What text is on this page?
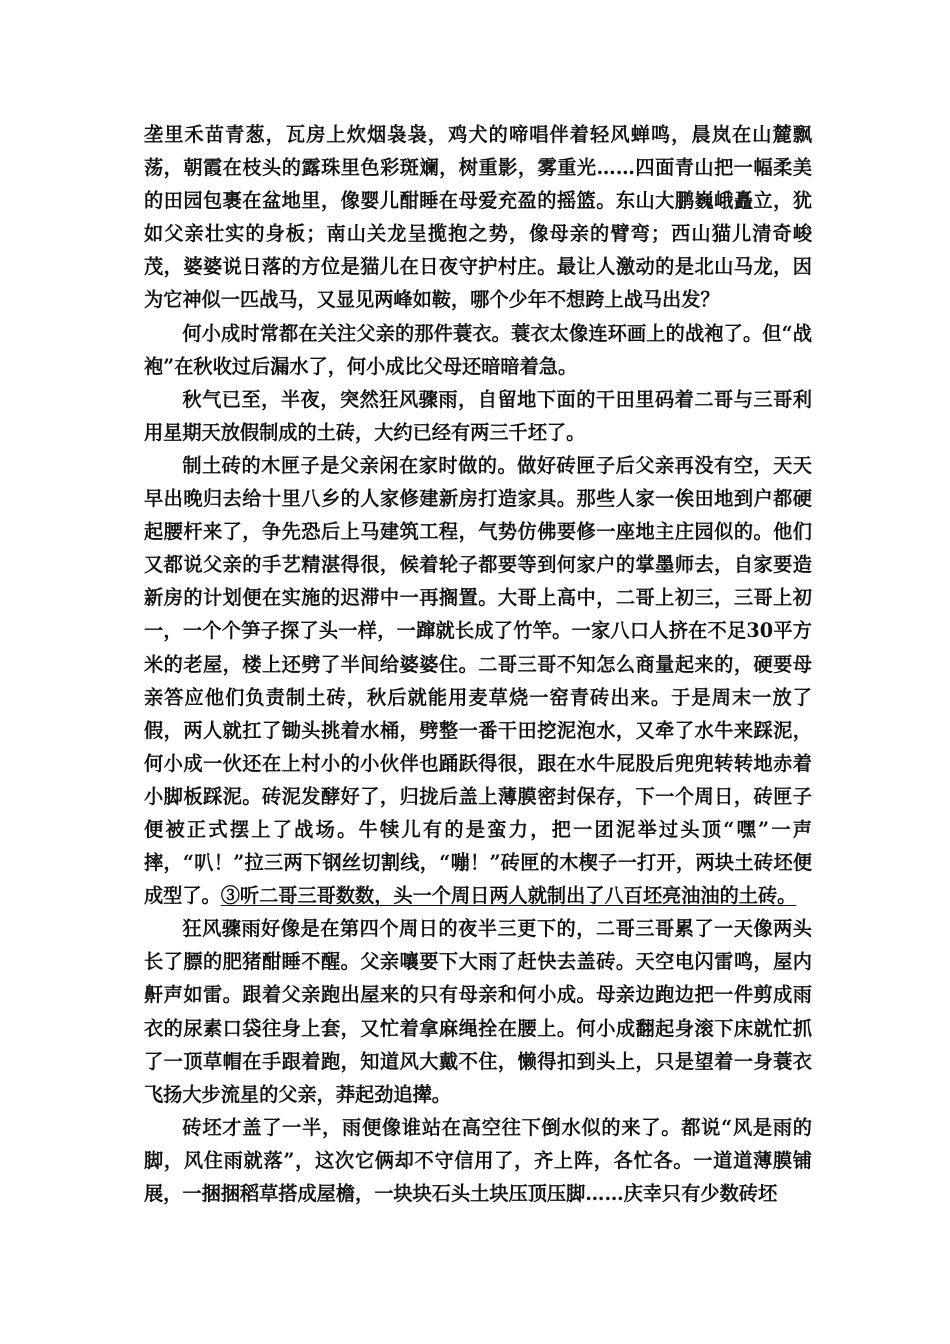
垄里禾苗青葱，瓦房上炊烟袅袅，鸡犬的啼唱伴着轻风蝉鸣，晨岚在山麓飘荡，朝霞在枝头的露珠里色彩斑斓，树重影，雾重光……四面青山把一幅柔美的田园包裹在盆地里，像婴儿酣睡在母爱充盈的摇篮。东山大鹏巍峨矗立，犹如父亲壮实的身板；南山关龙呈揽抱之势，像母亲的臂弯；西山猫儿清奇峻茂，婆婆说日落的方位是猫儿在日夜守护村庄。最让人激动的是北山马龙，因为它神似一匹战马，又显见两峰如鞍，哪个少年不想跨上战马出发？

何小成时常都在关注父亲的那件蓑衣。蓑衣太像连环画上的战袍了。但“战袍”在秋收过后漏水了，何小成比父母还暗暗着急。

秋气已至，半夜，突然狂风骤雨，自留地下面的干田里码着二哥与三哥利用星期天放假制成的土砖，大约已经有两三千坯了。

制土砖的木匣子是父亲闲在家时做的。做好砖匣子后父亲再没有空，天天早出晚归去给十里八乡的人家修建新房打造家具。那些人家一俟田地到户都硬起腰杆来了，争先恐后上马建筑工程，气势仿佛要修一座地主庄园似的。他们又都说父亲的手艺精湛得很，候着轮子都要等到何家户的掌墨师去，自家要造新房的计划便在实施的迟滞中一再搁置。大哥上高中，二哥上初三，三哥上初一，一个个笋子探了头一样，一蹿就长成了竹竿。一家八口人挤在不足30平方米的老屋，楼上还劈了半间给婆婆住。二哥三哥不知怎么商量起来的，硬要母亲答应他们负责制土砖，秋后就能用麦草烧一窑青砖出来。于是周末一放了假，两人就扛了锄头挑着水桶，劈整一番干田挖泥泡水，又牵了水牛来踩泥，何小成一伙还在上村小的小伙伴也踊跃得很，跟在水牛屁股后兜兜转转地赤着小脚板踩泥。砖泥发酵好了，归拢后盖上薄膜密封保存，下一个周日，砖匣子便被正式摆上了战场。牛犊儿有的是蛮力，把一团泥举过头顶“嘿”一声摔，“叭！”拉三两下钢丝切割线，“嘣！”砖匣的木楔子一打开，两块土砖坯便成型了。③听二哥三哥数数，头一个周日两人就制出了八百坯亮油油的土砖。

狂风骤雨好像是在第四个周日的夜半三更下的，二哥三哥累了一天像两头长了膘的肥猪酣睡不醒。父亲嚷要下大雨了赶快去盖砖。天空电闪雷鸣，屋内鼾声如雷。跟着父亲跑出屋来的只有母亲和何小成。母亲边跑边把一件剪成雨衣的尿素口袋往身上套，又忙着拿麻绳拴在腰上。何小成翻起身滚下床就忙抓了一顶草帽在手跟着跑，知道风大戴不住，懒得扣到头上，只是望着一身蓑衣飞扬大步流星的父亲，莽起劲追撵。

砖坯才盖了一半，雨便像谁站在高空往下倒水似的来了。都说“风是雨的脚，风住雨就落”，这次它俩却不守信用了，齐上阵，各忙各。一道道薄膜铺展，一捆捆稻草搭成屋檐，一块块石头土块压顶压脚……庆幸只有少数砖坯
